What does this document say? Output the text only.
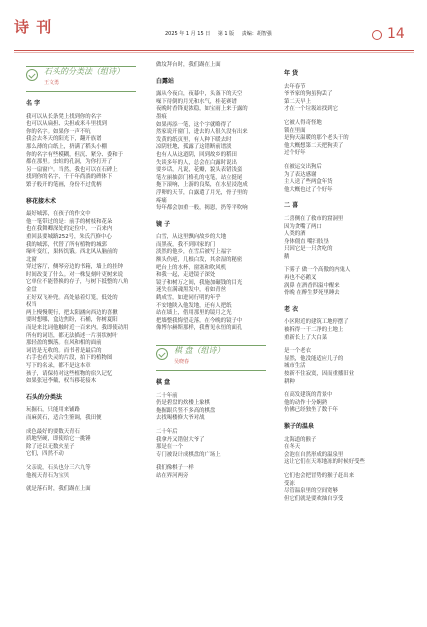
诗 刊	2025 年 1 月 15 日 第 1 版 责编：胡智强	14
石头的分类法（组诗）
王文勇

名 字

我可以从长条凳上找到你的名字

也可以从扁担、尖担或米斗里找到

你的名字。如果你一声不吭

我会去冬天的阳光下，翻开族谱

那么薄的白纸上，挤满了稻头小棚

你的名字有些模糊，但沉、紧分、委和于

都在那里。虫蛀的孔洞，为你打开了

另一扇窗户。当然，我也可以在石碑上

找到你的名字，千千年尚淌的碑体下

繁子般开的笔画，身份不过优柄

移花接木术

最好城郭，在孩子的作文中

他一笔带过的是：前手的树枝和花朵

也在我舞卿深处的定位中，一百来内

重回县要城路252号，朱氏汽修中心

我的城郭，代替了所有植物的城郭

缘叶变红，果转饥饿。西北风从脑前的

北窗

穿过客厅，侧琴旁边的书箱，墙上的挂钟

时间改变了什么。对一株复刻叶吏树来说

它单位不能替换的存子，与树下抵整的八角

金盘

正好双飞补兜。高处悬着灯笼，低处的

权当

两上慢慢爬行，把太阳涵向西边的喜揪

要时想哪，盒边焦盼，石桶，你树夏阳

而是来比词他触时近一百来内，我即使动用

所有的词语，都无法描述一片羽状树叶

那轻盈的飘落。在风和相的面前

词语是无收的。而书者是最后的

右手也看失灵的片段，拍下的植物图

写下的名录，都不是这本章

孩子，请保持对这些植物的宿久记忆

如果张冠李戴，权当移花接木

石头的分类法

玩掘石，只能用来铺路

而麻黄石，适合生鉴调，我田便

成色最好的要数天青石

质地坚硬，即使给它一挑锤

除了还以无数火星子

它们，四然不动

父亲说，石头也分三六九等

他视天青石为宝贝

就是落石时，我们踢在上面

做坟拜台时，我们踢在上面

白露站

露从今夜白，夜幕中，头盔下的天空

噪下待倒的月光和水气，桂花赛谱

夜晚时香锋更浓稳，如宝雨上来于露的

墨痕

如果再添一笔，这个字就略得了

然家说开窗门，进去的人很久没有出来

发黄的纸页里，有人种下暖去时

凉阴驻地，孤露了这错断前谱淡

也有人从这道阴，回到故乡的稻田

失谈多年的人，总会在白露时说出

要乡话，凡说，花瓣，貌头表错浅蛮

笔左丽抽彭门格孔的屯笔，站立挺尾

拖下滚响，上游的良渠，在水星浸泡成

浮卵的天节，白露遣了月光，骨子里的

疼痛

每年都会加重一般，揭恩，扔等平吹响

镜 子

白雪，从这里飘向故乡的大地

而黑夜，我不到回家的门

淡然的他乡，在雪后被写上福字

额头伤疤，几根白发，其余湿的秘密

吧台上的水杯，窗塞和吹风机

和我一起，走进镜子深处

镜子和树万之间，我施加碾钱的目光

迷失在满魂黑发中，看如青丝

鹤成雪，如进同行明的年乎

不安地陕入他发地，还有人把纸

站在墙上，借用那里的镜月之光

把墙整我悔望走落，在今晚的镜子中

像博尔赫斯那样，我曹见永恒的面孔

棋 盘（组诗）
吴晓春

棋 盘

二十年前

仍是碧盘的炊楼上象棋

拖握跟兵竖不多高的棋盘

去找喝楼修大爷对战

二十年后

我拿丹又错射大爷了

那是在一个

专门被设计成棋盘的广场上

我们像棋子一样

站在界河两旁

年 货

去年春节

爷爷家的狗虽狗丢了

第二天早上

才在一个垃圾站找到它

它被人得奇怪地

锁在里面

是狗天温暖的那个老头干的

他大概想第二天把狗卖了

过个好年

在被运交出狗后

为了表达感谢

主人送了些两盒年货

他大概也过了个好年

二 喜

二喜侧在了救市的窟洞里

因为贪嘴了两口

人类的酒

身体僵直 嘴扫肢垦

只因它是一只贪吃的

鹅

下雾子 做一个高傲的内鬼人

再也不必鹅叉

涡鼻 在酒香四溢中醒来

骨晚 在醉生梦死里睡去

老 衣

小区附近的建筑工地停摆了

被拆得一干二净的土地上

重新长上了大白菜

是一个老衣

显然，他没能适应儿子的

城市生活

按新不住寂寞，因而重播旧业

耕种

在高发建筑的背景中

他的动作十分娴熟

仿佛已经独坐了数千年

猴子的温泉

北海道的猴子

在冬天

会泡在自然形成的温泉里

这让它们在天寒地冻的时候好受些

它们也会把冒势的猴子赶出来

受冻

尽管温泉里的空间宽够

但它们就是要欢抽自享受
